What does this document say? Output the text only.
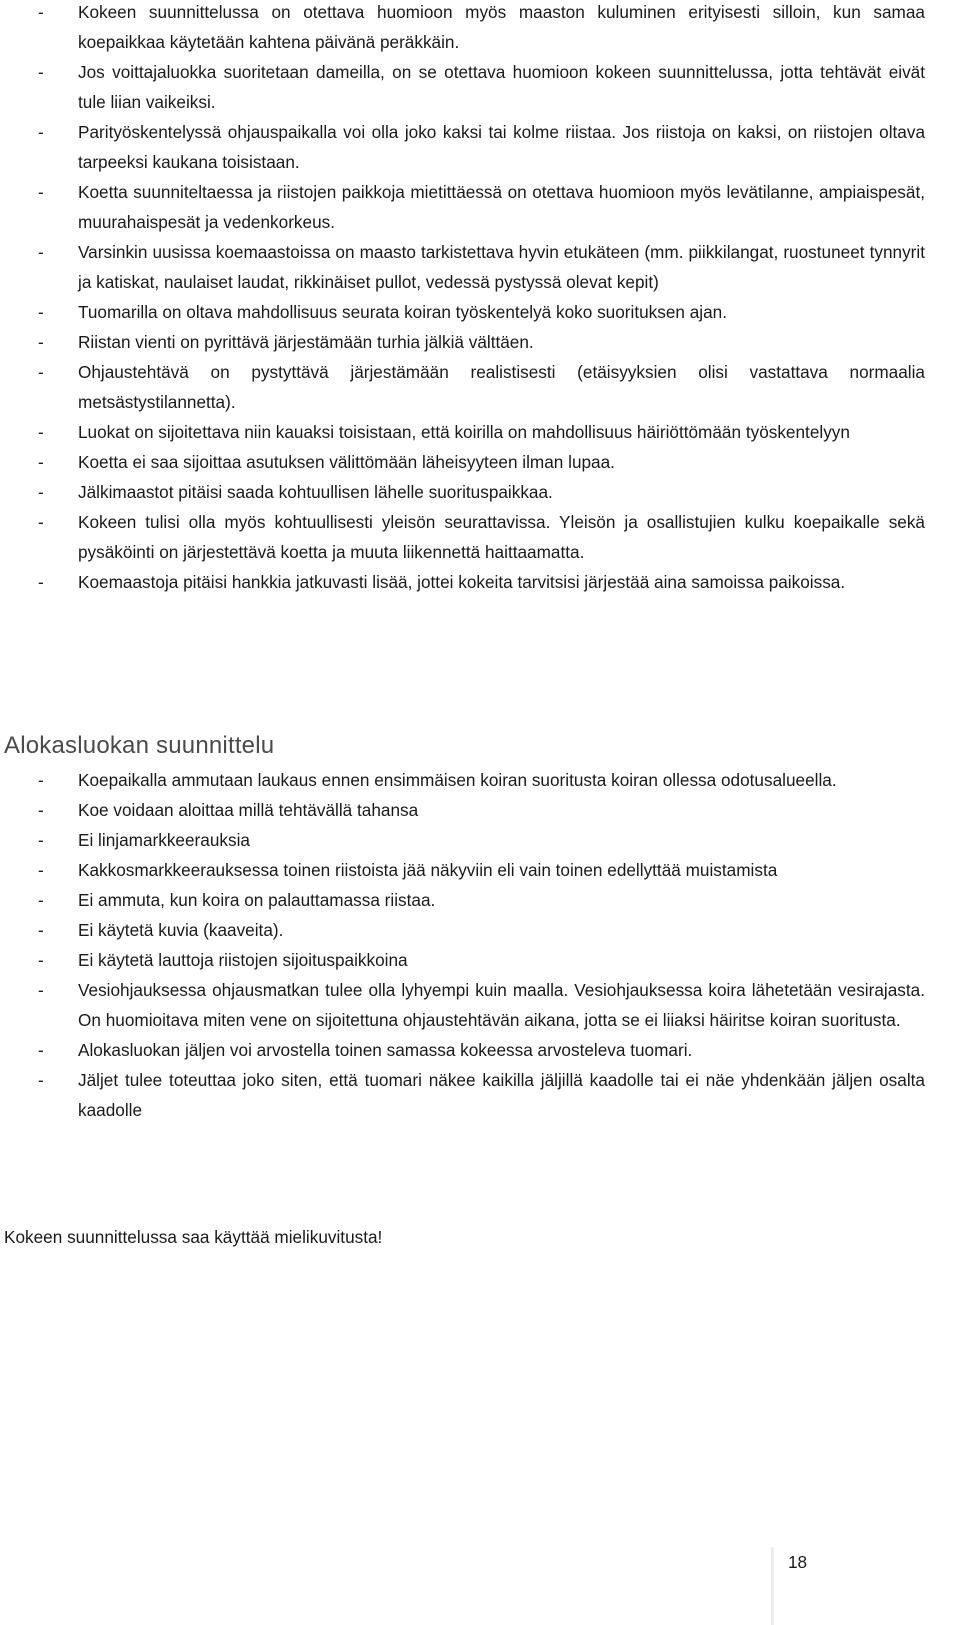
- Kokeen suunnittelussa on otettava huomioon myös maaston kuluminen erityisesti silloin, kun samaa koepaikkaa käytetään kahtena päivänä peräkkäin.
- Jos voittajaluokka suoritetaan dameilla, on se otettava huomioon kokeen suunnittelussa, jotta tehtävät eivät tule liian vaikeiksi.
- Parityöskentelyssä ohjauspaikalla voi olla joko kaksi tai kolme riistaa. Jos riistoja on kaksi, on riistojen oltava tarpeeksi kaukana toisistaan.
- Koetta suunniteltaessa ja riistojen paikkoja mietittäessä on otettava huomioon myös levätilanne, ampiaispesät, muurahaispesät ja vedenkorkeus.
- Varsinkin uusissa koemaastoissa on maasto tarkistettava hyvin etukäteen (mm. piikkilangat, ruostuneet tynnyrit ja katiskat, naulaiset laudat, rikkinäiset pullot, vedessä pystyssä olevat kepit)
- Tuomarilla on oltava mahdollisuus seurata koiran työskentelyä koko suorituksen ajan.
- Riistan vienti on pyrittävä järjestämään turhia jälkiä välttäen.
- Ohjaustehtävä on pystyttävä järjestämään realistisesti (etäisyyksien olisi vastattava normaalia metsästystilannetta).
- Luokat on sijoitettava niin kauaksi toisistaan, että koirilla on mahdollisuus häiriöttömään työskentelyyn
- Koetta ei saa sijoittaa asutuksen välittömään läheisyyteen ilman lupaa.
- Jälkimaastot pitäisi saada kohtuullisen lähelle suorituspaikkaa.
- Kokeen tulisi olla myös kohtuullisesti yleisön seurattavissa. Yleisön ja osallistujien kulku koepaikalle sekä pysäköinti on järjestettävä koetta ja muuta liikennettä haittaamatta.
- Koemaastoja pitäisi hankkia jatkuvasti lisää, jottei kokeita tarvitsisi järjestää aina samoissa paikoissa.
Alokasluokan suunnittelu
- Koepaikalla ammutaan laukaus ennen ensimmäisen koiran suoritusta koiran ollessa odotusalueella.
- Koe voidaan aloittaa millä tehtävällä tahansa
- Ei linjamarkkeerauksia
- Kakkosmarkkeerauksessa toinen riistoista jää näkyviin eli vain toinen edellyttää muistamista
- Ei ammuta, kun koira on palauttamassa riistaa.
- Ei käytetä kuvia (kaaveita).
- Ei käytetä lauttoja riistojen sijoituspaikkoina
- Vesiohjauksessa ohjausmatkan tulee olla lyhyempi kuin maalla. Vesiohjauksessa koira lähetetään vesirajasta. On huomioitava miten vene on sijoitettuna ohjaustehtävän aikana, jotta se ei liiaksi häiritse koiran suoritusta.
- Alokasluokan jäljen voi arvostella toinen samassa kokeessa arvosteleva tuomari.
- Jäljet tulee toteuttaa joko siten, että tuomari näkee kaikilla jäljillä kaadolle tai ei näe yhdenkään jäljen osalta kaadolle

Kokeen suunnittelussa saa käyttää mielikuvitusta!

18
